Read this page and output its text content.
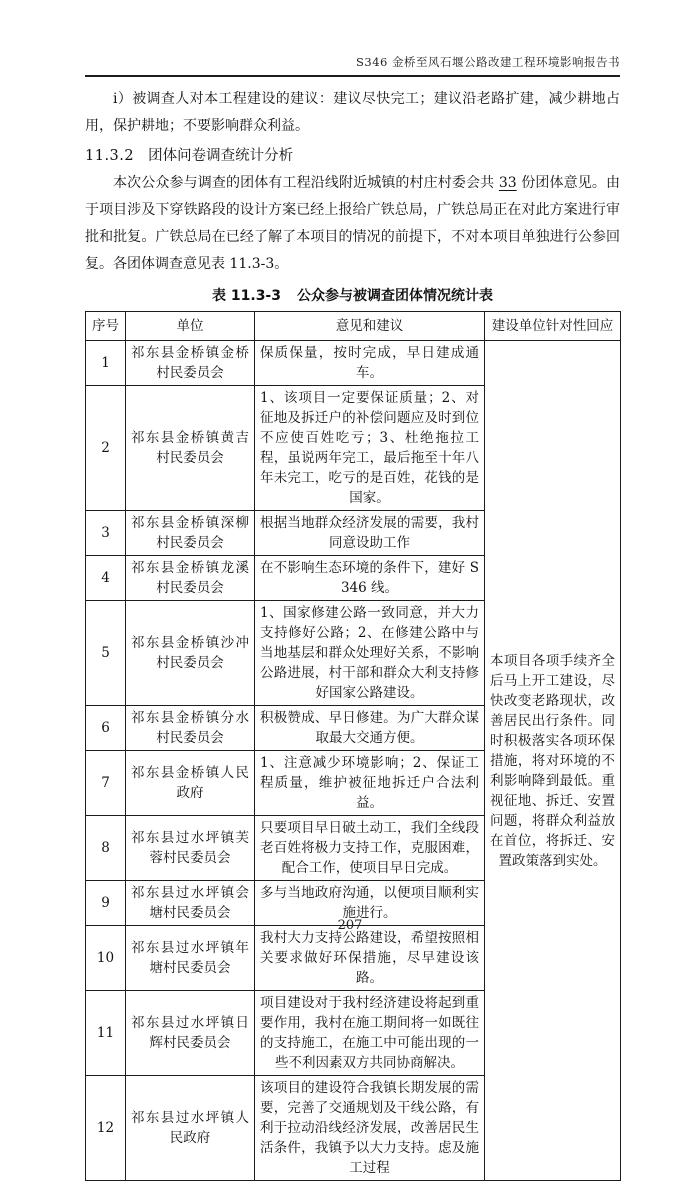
S346 金桥至风石堰公路改建工程环境影响报告书

i）被调查人对本工程建设的建议：建议尽快完工；建议沿老路扩建，减少耕地占用，保护耕地；不要影响群众利益。

11.3.2 团体问卷调查统计分析

本次公众参与调查的团体有工程沿线附近城镇的村庄村委会共 33 份团体意见。由于项目涉及下穿铁路段的设计方案已经上报给广铁总局，广铁总局正在对此方案进行审批和批复。广铁总局在已经了解了本项目的情况的前提下，不对本项目单独进行公参回复。各团体调查意见表 11.3-3。

表 11.3-3 公众参与被调查团体情况统计表
序号	单位	意见和建议	建设单位针对性回应
1	祁东县金桥镇金桥村民委员会	保质保量，按时完成，早日建成通车。	本项目各项手续齐全后马上开工建设，尽快改变老路现状，改善居民出行条件。同时积极落实各项环保措施，将对环境的不利影响降到最低。重视征地、拆迁、安置问题，将群众利益放在首位，将拆迁、安置政策落到实处。
2	祁东县金桥镇黄吉村民委员会	1、该项目一定要保证质量；2、对征地及拆迁户的补偿问题应及时到位不应使百姓吃亏；3、杜绝拖拉工程，虽说两年完工，最后拖至十年八年未完工，吃亏的是百姓，花钱的是国家。	
3	祁东县金桥镇深柳村民委员会	根据当地群众经济发展的需要，我村同意设助工作	
4	祁东县金桥镇龙溪村民委员会	在不影响生态环境的条件下，建好 S346 线。	
5	祁东县金桥镇沙冲村民委员会	1、国家修建公路一致同意，并大力支持修好公路；2、在修建公路中与当地基层和群众处理好关系，不影响公路进展，村干部和群众大利支持修好国家公路建设。	
6	祁东县金桥镇分水村民委员会	积极赞成、早日修建。为广大群众谋取最大交通方便。	
7	祁东县金桥镇人民政府	1、注意减少环境影响；2、保证工程质量，维护被征地拆迁户合法利益。	
8	祁东县过水坪镇芙蓉村民委员会	只要项目早日破土动工，我们全线段老百姓将极力支持工作，克服困难，配合工作，使项目早日完成。	
9	祁东县过水坪镇会塘村民委员会	多与当地政府沟通，以便项目顺利实施进行。	
10	祁东县过水坪镇年塘村民委员会	我村大力支持公路建设，希望按照相关要求做好环保措施，尽早建设该路。	
11	祁东县过水坪镇日辉村民委员会	项目建设对于我村经济建设将起到重要作用，我村在施工期间将一如既往的支持施工，在施工中可能出现的一些不利因素双方共同协商解决。	
12	祁东县过水坪镇人民政府	该项目的建设符合我镇长期发展的需要，完善了交通规划及干线公路，有利于拉动沿线经济发展，改善居民生活条件，我镇予以大力支持。虑及施工过程	
207
